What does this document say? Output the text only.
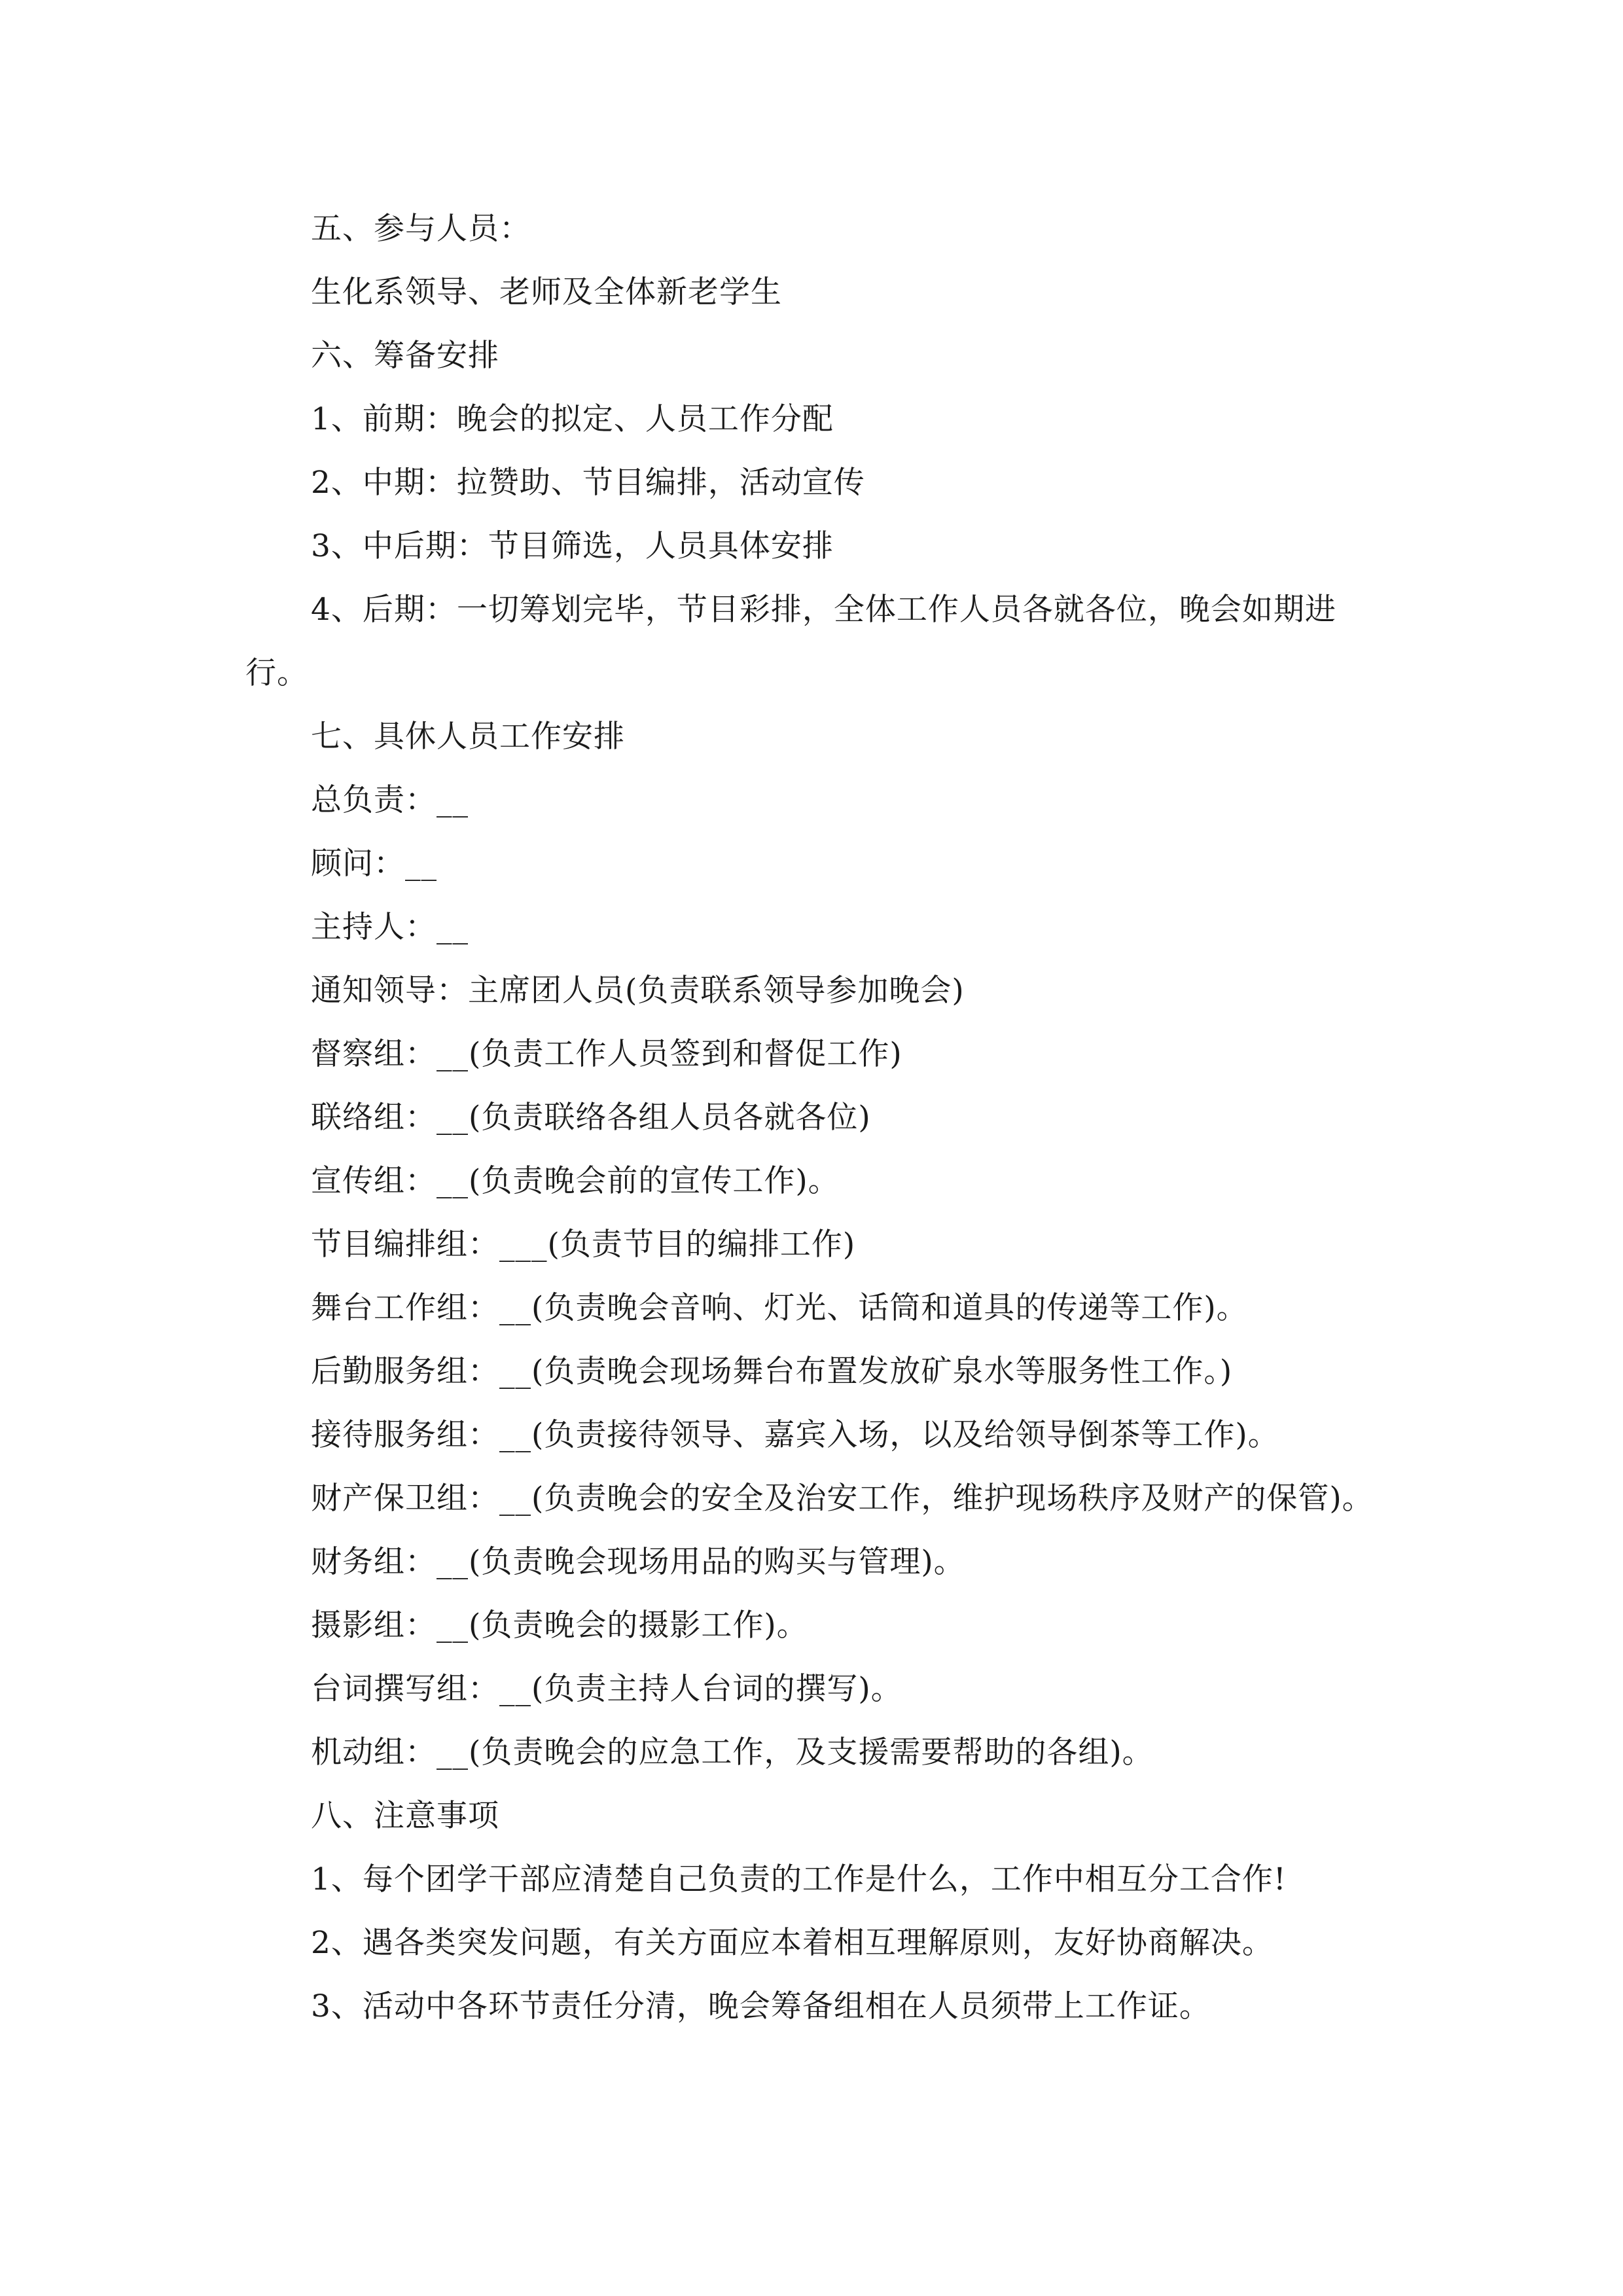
五、参与人员：
生化系领导、老师及全体新老学生
六、筹备安排
1、前期：晚会的拟定、人员工作分配
2、中期：拉赞助、节目编排，活动宣传
3、中后期：节目筛选，人员具体安排
4、后期：一切筹划完毕，节目彩排，全体工作人员各就各位，晚会如期进
行。
七、具休人员工作安排
总负责：__
顾问：__
主持人：__
通知领导：主席团人员(负责联系领导参加晚会)
督察组：__(负责工作人员签到和督促工作)
联络组：__(负责联络各组人员各就各位)
宣传组：__(负责晚会前的宣传工作)。
节目编排组：___(负责节目的编排工作)
舞台工作组：__(负责晚会音响、灯光、话筒和道具的传递等工作)。
后勤服务组：__(负责晚会现场舞台布置发放矿泉水等服务性工作。)
接待服务组：__(负责接待领导、嘉宾入场，以及给领导倒茶等工作)。
财产保卫组：__(负责晚会的安全及治安工作，维护现场秩序及财产的保管)。
财务组：__(负责晚会现场用品的购买与管理)。
摄影组：__(负责晚会的摄影工作)。
台词撰写组：__(负责主持人台词的撰写)。
机动组：__(负责晚会的应急工作，及支援需要帮助的各组)。
八、注意事项
1、每个团学干部应清楚自己负责的工作是什么，工作中相互分工合作!
2、遇各类突发问题，有关方面应本着相互理解原则，友好协商解决。
3、活动中各环节责任分清，晚会筹备组相在人员须带上工作证。
